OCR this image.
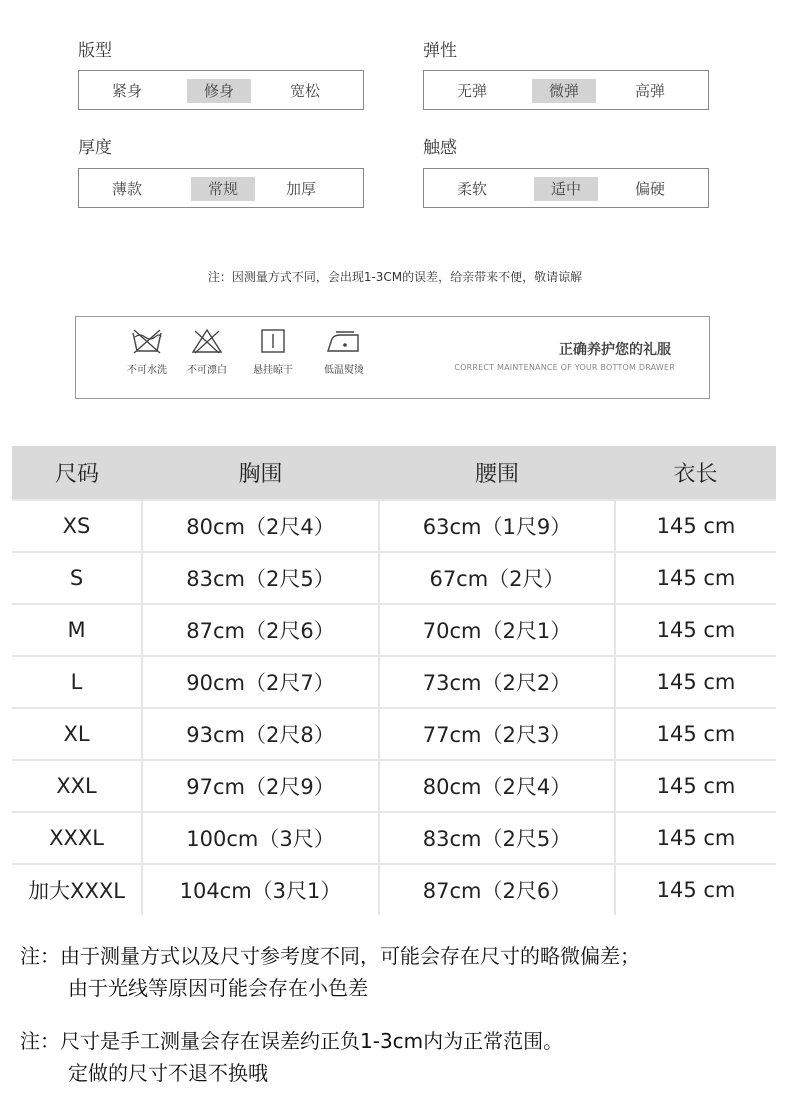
版型
紧身	修身	宽松
弹性
无弹	微弹	高弹
厚度
薄款	常规	加厚
触感
柔软	适中	偏硬
注：因测量方式不同，会出现1-3CM的误差，给亲带来不便，敬请谅解
不可水洗	不可漂白	悬挂晾干	低温熨烫
正确养护您的礼服
CORRECT MAINTENANCE OF YOUR BOTTOM DRAWER
尺码	胸围	腰围	衣长
XS	80cm（2尺4）	63cm（1尺9）	145 cm
S	83cm（2尺5）	67cm（2尺）	145 cm
M	87cm（2尺6）	70cm（2尺1）	145 cm
L	90cm（2尺7）	73cm（2尺2）	145 cm
XL	93cm（2尺8）	77cm（2尺3）	145 cm
XXL	97cm（2尺9）	80cm（2尺4）	145 cm
XXXL	100cm（3尺）	83cm（2尺5）	145 cm
加大XXXL	104cm（3尺1）	87cm（2尺6）	145 cm
注：由于测量方式以及尺寸参考度不同，可能会存在尺寸的略微偏差；
由于光线等原因可能会存在小色差
注：尺寸是手工测量会存在误差约正负1-3cm内为正常范围。
定做的尺寸不退不换哦
